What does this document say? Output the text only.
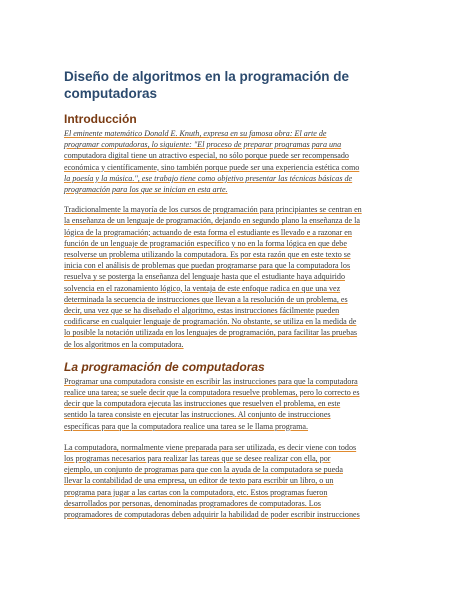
Diseño de algoritmos en la programación de
computadoras
Introducción
El eminente matemático Donald E. Knuth, expresa en su famosa obra: El arte de
programar computadoras, lo siguiente: "El proceso de preparar programas para una
computadora digital tiene un atractivo especial, no sólo porque puede ser recompensado
económica y científicamente, sino también porque puede ser una experiencia estética como
la poesía y la música.", ese trabajo tiene como objetivo presentar las técnicas básicas de
programación para los que se inician en esta arte.
Tradicionalmente la mayoría de los cursos de programación para principiantes se centran en
la enseñanza de un lenguaje de programación, dejando en segundo plano la enseñanza de la
lógica de la programación; actuando de esta forma el estudiante es llevado e a razonar en
función de un lenguaje de programación específico y no en la forma lógica en que debe
resolverse un problema utilizando la computadora. Es por esta razón que en este texto se
inicia con el análisis de problemas que puedan programarse para que la computadora los
resuelva y se posterga la enseñanza del lenguaje hasta que el estudiante haya adquirido
solvencia en el razonamiento lógico, la ventaja de este enfoque radica en que una vez
determinada la secuencia de instrucciones que llevan a la resolución de un problema, es
decir, una vez que se ha diseñado el algoritmo, estas instrucciones fácilmente pueden
codificarse en cualquier lenguaje de programación. No obstante, se utiliza en la medida de
lo posible la notación utilizada en los lenguajes de programación, para facilitar las pruebas
de los algoritmos en la computadora.
La programación de computadoras
Programar una computadora consiste en escribir las instrucciones para que la computadora
realice una tarea; se suele decir que la computadora resuelve problemas, pero lo correcto es
decir que la computadora ejecuta las instrucciones que resuelven el problema, en este
sentido la tarea consiste en ejecutar las instrucciones. Al conjunto de instrucciones
específicas para que la computadora realice una tarea se le llama programa.
La computadora, normalmente viene preparada para ser utilizada, es decir viene con todos
los programas necesarios para realizar las tareas que se desee realizar con ella, por
ejemplo, un conjunto de programas para que con la ayuda de la computadora se pueda
llevar la contabilidad de una empresa, un editor de texto para escribir un libro, o un
programa para jugar a las cartas con la computadora, etc. Estos programas fueron
desarrollados por personas, denominadas programadores de computadoras. Los
programadores de computadoras deben adquirir la habilidad de poder escribir instrucciones
